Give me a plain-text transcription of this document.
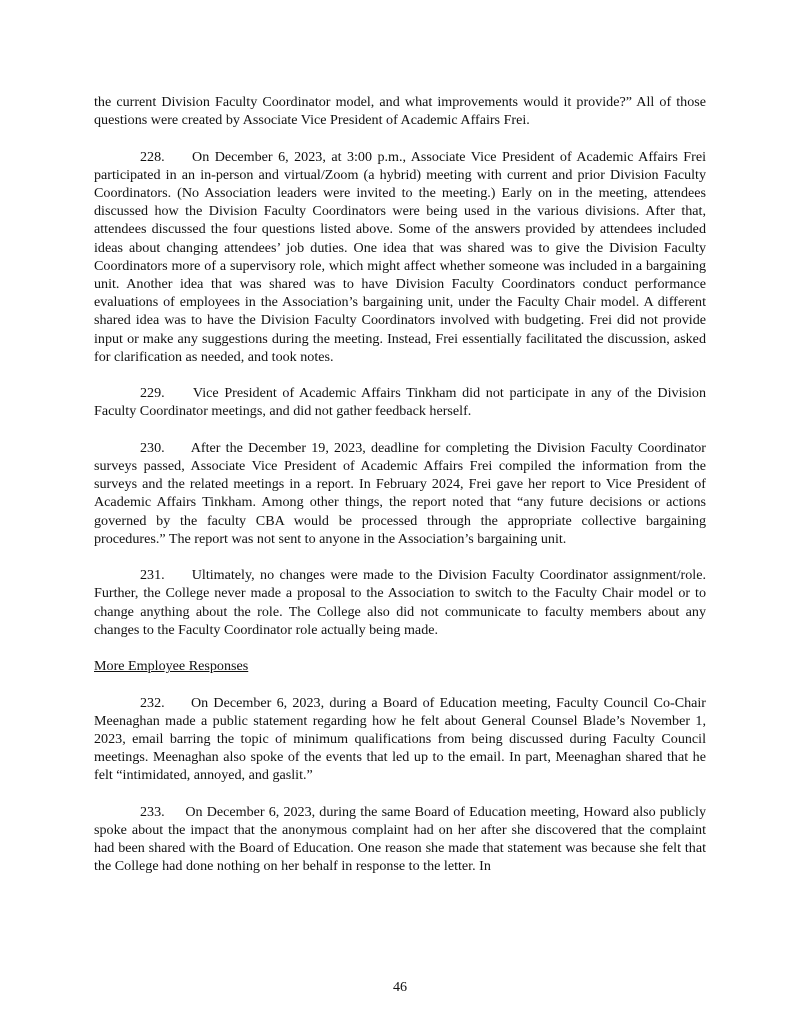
the current Division Faculty Coordinator model, and what improvements would it provide?” All of those questions were created by Associate Vice President of Academic Affairs Frei.

228. On December 6, 2023, at 3:00 p.m., Associate Vice President of Academic Affairs Frei participated in an in-person and virtual/Zoom (a hybrid) meeting with current and prior Division Faculty Coordinators. (No Association leaders were invited to the meeting.) Early on in the meeting, attendees discussed how the Division Faculty Coordinators were being used in the various divisions. After that, attendees discussed the four questions listed above. Some of the answers provided by attendees included ideas about changing attendees’ job duties. One idea that was shared was to give the Division Faculty Coordinators more of a supervisory role, which might affect whether someone was included in a bargaining unit. Another idea that was shared was to have Division Faculty Coordinators conduct performance evaluations of employees in the Association’s bargaining unit, under the Faculty Chair model. A different shared idea was to have the Division Faculty Coordinators involved with budgeting. Frei did not provide input or make any suggestions during the meeting. Instead, Frei essentially facilitated the discussion, asked for clarification as needed, and took notes.

229. Vice President of Academic Affairs Tinkham did not participate in any of the Division Faculty Coordinator meetings, and did not gather feedback herself.

230. After the December 19, 2023, deadline for completing the Division Faculty Coordinator surveys passed, Associate Vice President of Academic Affairs Frei compiled the information from the surveys and the related meetings in a report. In February 2024, Frei gave her report to Vice President of Academic Affairs Tinkham. Among other things, the report noted that “any future decisions or actions governed by the faculty CBA would be processed through the appropriate collective bargaining procedures.” The report was not sent to anyone in the Association’s bargaining unit.

231. Ultimately, no changes were made to the Division Faculty Coordinator assignment/role. Further, the College never made a proposal to the Association to switch to the Faculty Chair model or to change anything about the role. The College also did not communicate to faculty members about any changes to the Faculty Coordinator role actually being made.

More Employee Responses

232. On December 6, 2023, during a Board of Education meeting, Faculty Council Co-Chair Meenaghan made a public statement regarding how he felt about General Counsel Blade’s November 1, 2023, email barring the topic of minimum qualifications from being discussed during Faculty Council meetings. Meenaghan also spoke of the events that led up to the email. In part, Meenaghan shared that he felt “intimidated, annoyed, and gaslit.”

233. On December 6, 2023, during the same Board of Education meeting, Howard also publicly spoke about the impact that the anonymous complaint had on her after she discovered that the complaint had been shared with the Board of Education. One reason she made that statement was because she felt that the College had done nothing on her behalf in response to the letter. In

46
